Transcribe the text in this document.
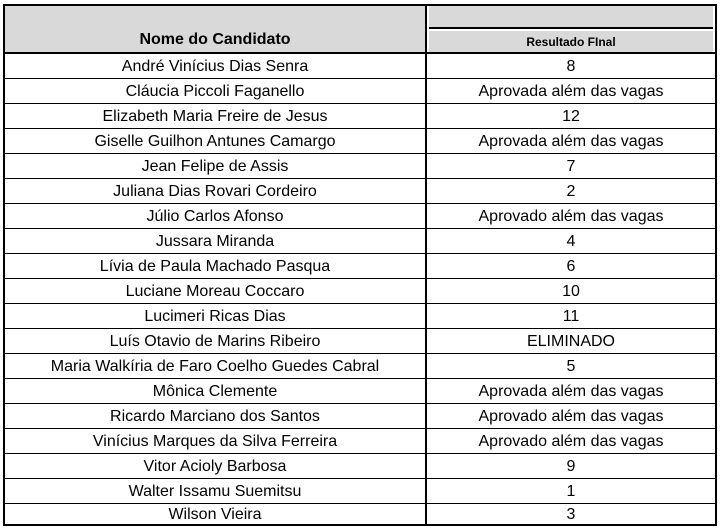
Nome do Candidato	Resultado FInal
André Vinícius Dias Senra	8
Cláucia Piccoli Faganello	Aprovada além das vagas
Elizabeth Maria Freire de Jesus	12
Giselle Guilhon Antunes Camargo	Aprovada além das vagas
Jean Felipe de Assis	7
Juliana Dias Rovari Cordeiro	2
Júlio Carlos Afonso	Aprovado além das vagas
Jussara Miranda	4
Lívia de Paula Machado Pasqua	6
Luciane Moreau Coccaro	10
Lucimeri Ricas Dias	11
Luís Otavio de Marins Ribeiro	ELIMINADO
Maria Walkíria de Faro Coelho Guedes Cabral	5
Mônica Clemente	Aprovada além das vagas
Ricardo Marciano dos Santos	Aprovado além das vagas
Vinícius Marques da Silva Ferreira	Aprovado além das vagas
Vitor Acioly Barbosa	9
Walter Issamu Suemitsu	1
Wilson Vieira	3
